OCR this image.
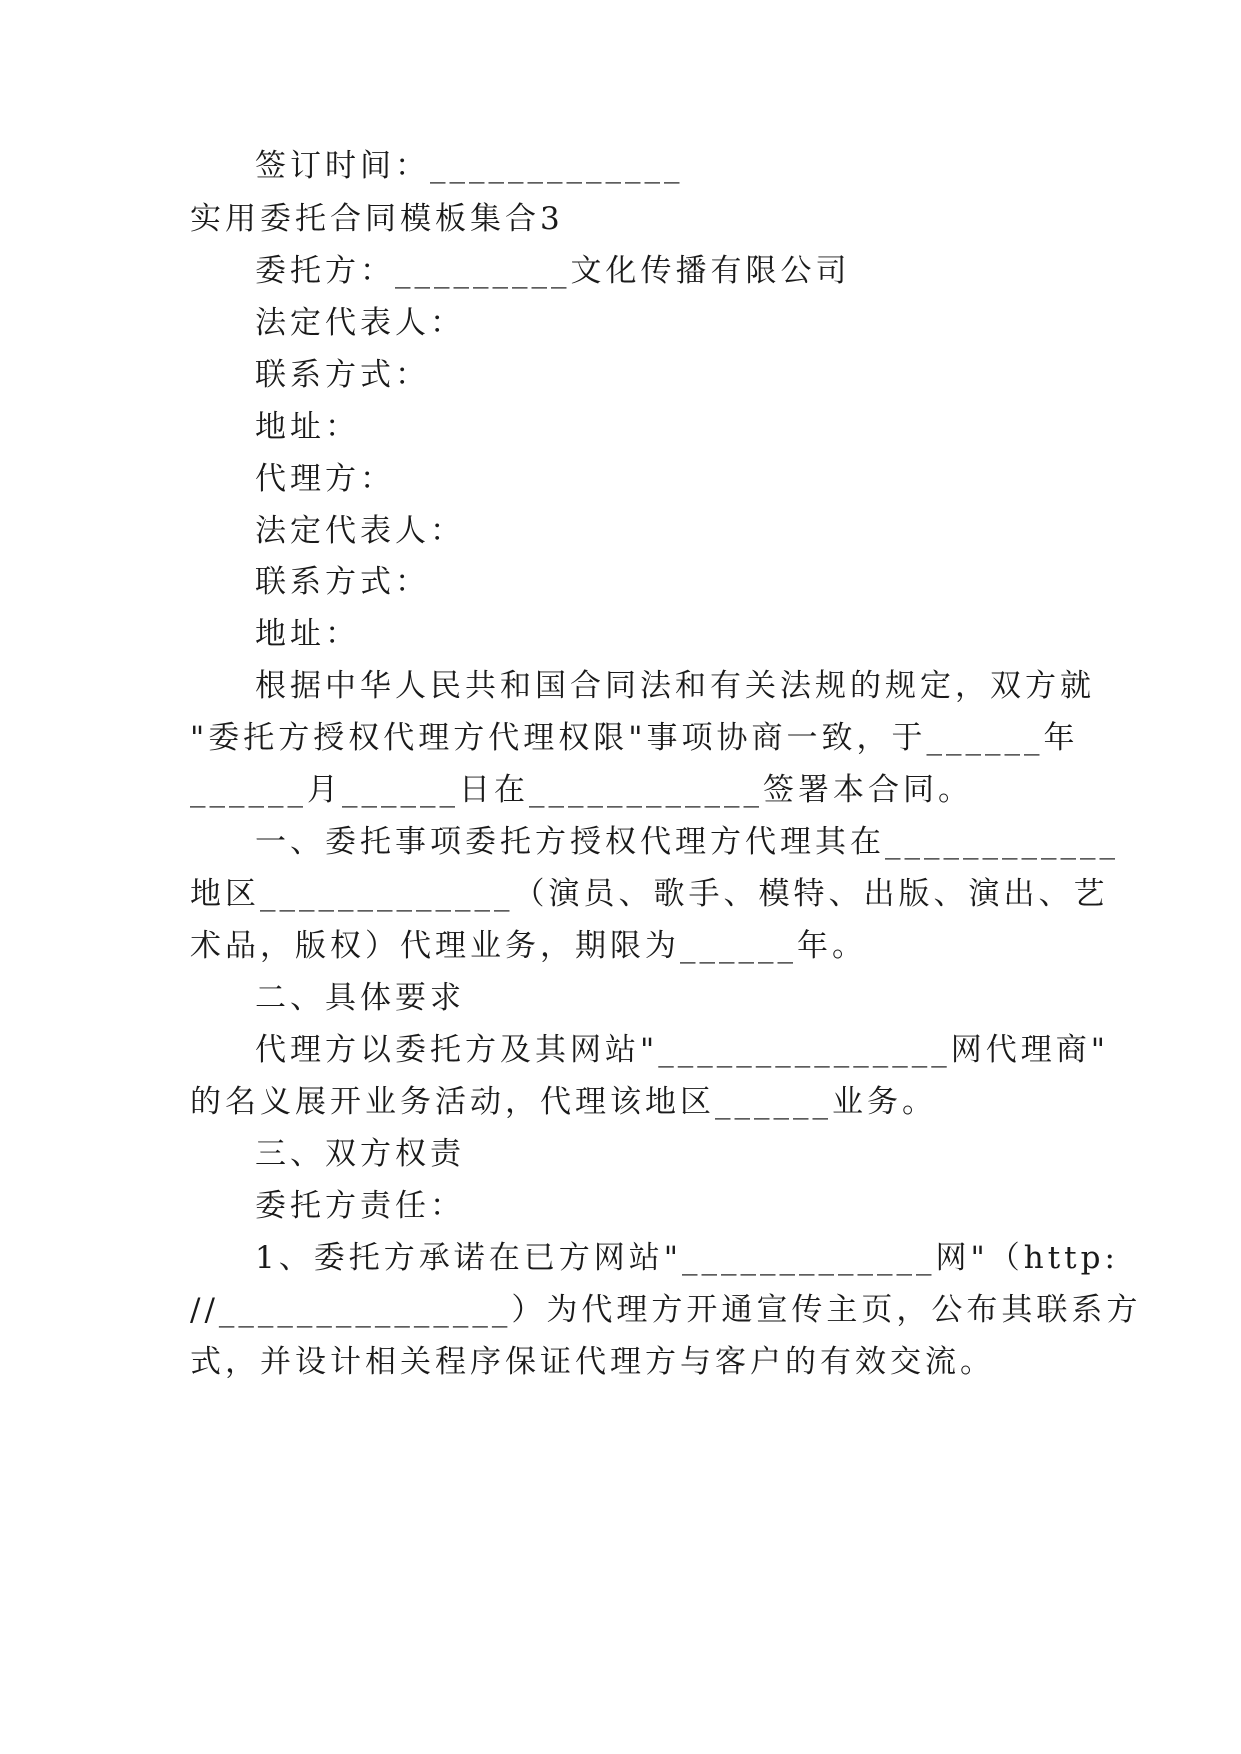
签订时间：_____________
实用委托合同模板集合3
委托方：_________文化传播有限公司
法定代表人：
联系方式：
地址：
代理方：
法定代表人：
联系方式：
地址：
根据中华人民共和国合同法和有关法规的规定，双方就
"委托方授权代理方代理权限"事项协商一致，于______年
______月______日在____________签署本合同。
一、委托事项委托方授权代理方代理其在____________
地区_____________（演员、歌手、模特、出版、演出、艺
术品，版权）代理业务，期限为______年。
二、具体要求
代理方以委托方及其网站"_______________网代理商"
的名义展开业务活动，代理该地区______业务。
三、双方权责
委托方责任：
1、委托方承诺在已方网站"_____________网"（http:
//_______________）为代理方开通宣传主页，公布其联系方
式，并设计相关程序保证代理方与客户的有效交流。
